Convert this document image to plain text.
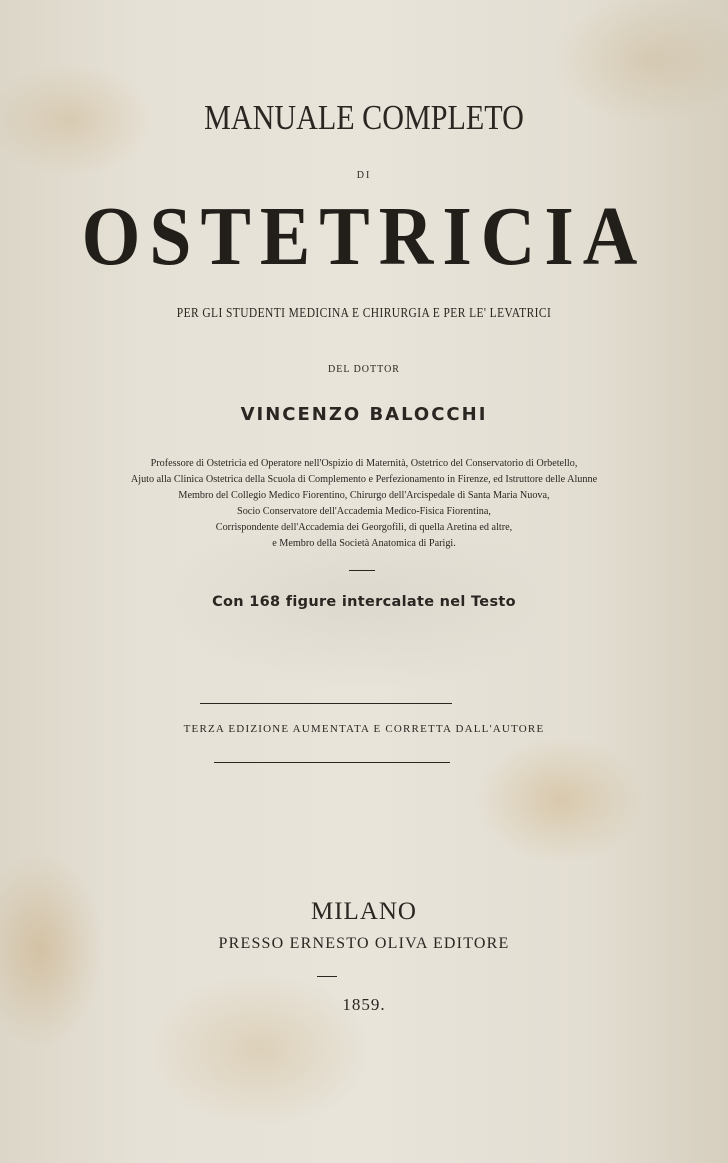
MANUALE COMPLETO
DI
OSTETRICIA
PER GLI STUDENTI MEDICINA E CHIRURGIA E PER LE' LEVATRICI
DEL DOTTOR
VINCENZO BALOCCHI
Professore di Ostetricia ed Operatore nell'Ospizio di Maternità, Ostetrico del Conservatorio di Orbetello,
Ajuto alla Clinica Ostetrica della Scuola di Complemento e Perfezionamento in Firenze, ed Istruttore delle Alunne
Membro del Collegio Medico Fiorentino, Chirurgo dell'Arcispedale di Santa Maria Nuova,
Socio Conservatore dell'Accademia Medico-Fisica Fiorentina,
Corrispondente dell'Accademia dei Georgofili, di quella Aretina ed altre,
e Membro della Società Anatomica di Parigi.
Con 168 figure intercalate nel Testo
TERZA EDIZIONE AUMENTATA E CORRETTA DALL'AUTORE
MILANO
PRESSO ERNESTO OLIVA EDITORE
1859.
